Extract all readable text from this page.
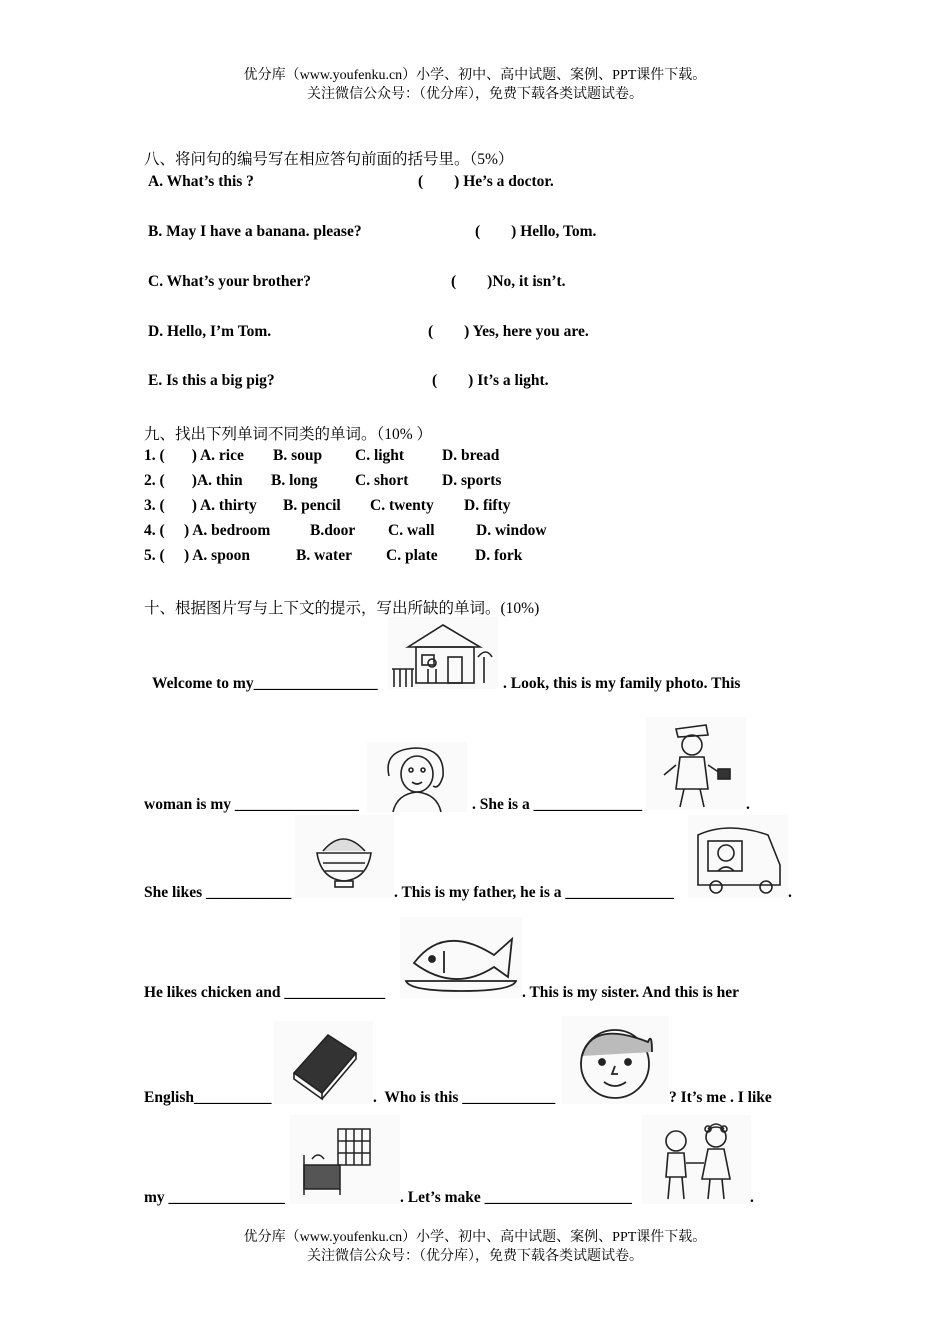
优分库（www.youfenku.cn）小学、初中、高中试题、案例、PPT课件下载。
关注微信公众号：（优分库），免费下载各类试题试卷。
八、将问句的编号写在相应答句前面的括号里。（5%）
A. What’s this ?	(        ) He’s a doctor.
B. May I have a banana. please?	(        ) Hello, Tom.
C. What’s your brother?	(        )No, it isn’t.
D. Hello, I’m Tom.	(        ) Yes, here you are.
E. Is this a big pig?	(        ) It’s a light.
九、找出下列单词不同类的单词。（10% ）
1. (       ) A. rice B. soup C. light D. bread
2. (       )A. thin B. long C. short D. sports
3. (       ) A. thirty B. pencil C. twenty D. fifty
4. (     ) A. bedroom	B.door C. wall	D. window
5. (     ) A. spoon	B. water C. plate D. fork
十、根据图片写与上下文的提示，写出所缺的单词。(10%)
Welcome to my________________	. Look, this is my family photo. This
woman is my ________________	. She is a ______________	.
She likes ___________	. This is my father, he is a ______________	.
He likes chicken and _____________	. This is my sister. And this is her
English__________	.  Who is this ____________	? It’s me . I like
my _______________	. Let’s make ___________________	.
优分库（www.youfenku.cn）小学、初中、高中试题、案例、PPT课件下载。
关注微信公众号：（优分库），免费下载各类试题试卷。
